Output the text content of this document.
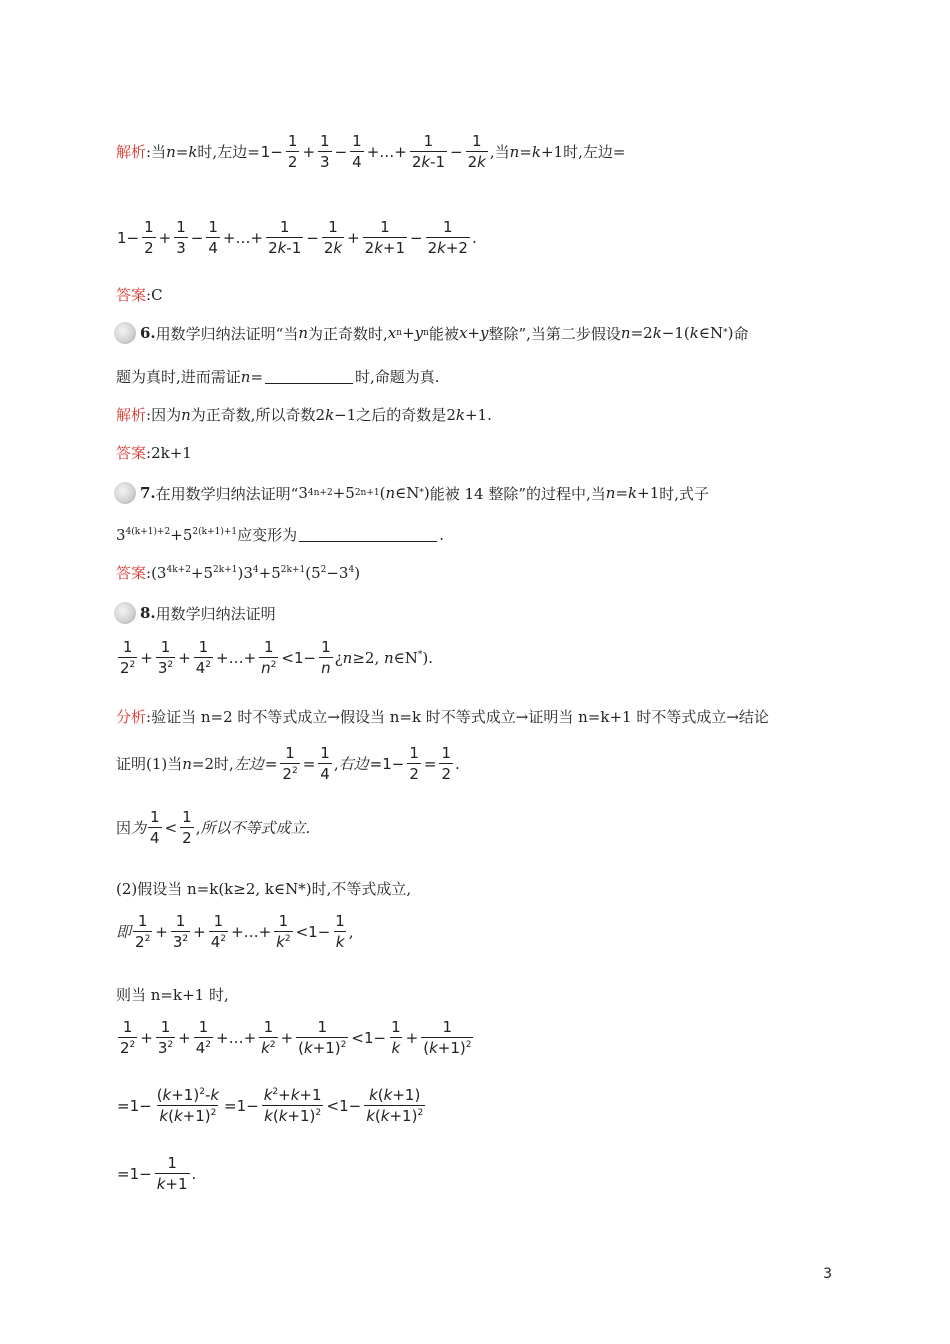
解析 :当 n = k 时,左边= $1- \frac{1}{2} + \frac{1}{3} - \frac{1}{4}$ +…+ $\frac{1}{2k-1} - \frac{1}{2k}$ , 当 n = k +1 时,左边=
$1- \frac{1}{2} + \frac{1}{3} - \frac{1}{4}$ +…+ $\frac{1}{2k-1} - \frac{1}{2k} + \frac{1}{2k+1} - \frac{1}{2k+2}$ .
答案 :C
6. 用数学归纳法证明“当 n 为正奇数时, x n + y n 能被 x + y 整除”,当第二步假设 n =2 k −1( k ∈N * ) 命
题为真时,进而需证 n =	时,命题为真.
解析 :因为 n 为正奇数,所以奇数 2 k −1 之后的奇数是 2 k +1.
答案 :2k+1
7. 在用数学归纳法证明“ 3 4n+2 +5 2n+1 ( n ∈N * ) 能被 14 整除”的过程中,当 n = k +1 时,式子
$3^{4(k+1)+2}+5^{2(k+1)+1}$ 应变形为	.
答案 $:(3^{4k+2}+5^{2k+1})3^4+5^{2k+1}(5^2-3^4)$
8. 用数学归纳法证明
$\frac{1}{2^2} + \frac{1}{3^2} + \frac{1}{4^2}$ +…+ $\frac{1}{n^2} <1- \frac{1}{n}$ ¿n≥2, n∈N*).
分析 :验证当 n=2 时不等式成立→假设当 n=k 时不等式成立→证明当 n=k+1 时不等式成立→结论
证明(1)当 n =2 时, 左边 = $\frac{1}{2^2} = \frac{1}{4}$ , 右边 $=1- \frac{1}{2} = \frac{1}{2}$ .
因 为 $\frac{1}{4} < \frac{1}{2}$ , 所以不等式成立.
(2)假设当 n=k(k≥2, k∈N*)时,不等式成立,
即 $\frac{1}{2^2} + \frac{1}{3^2} + \frac{1}{4^2}$ +…+ $\frac{1}{k^2} <1- \frac{1}{k}$ ,
则当 n=k+1 时,
$\frac{1}{2^2} + \frac{1}{3^2} + \frac{1}{4^2}$ +…+ $\frac{1}{k^2} + \frac{1}{(k+1)^2} <1- \frac{1}{k} + \frac{1}{(k+1)^2}$
$=1- \frac{(k+1)^2-k}{k(k+1)^2} =1- \frac{k^2+k+1}{k(k+1)^2} <1- \frac{k(k+1)}{k(k+1)^2}$
$=1- \frac{1}{k+1}$ .
3
